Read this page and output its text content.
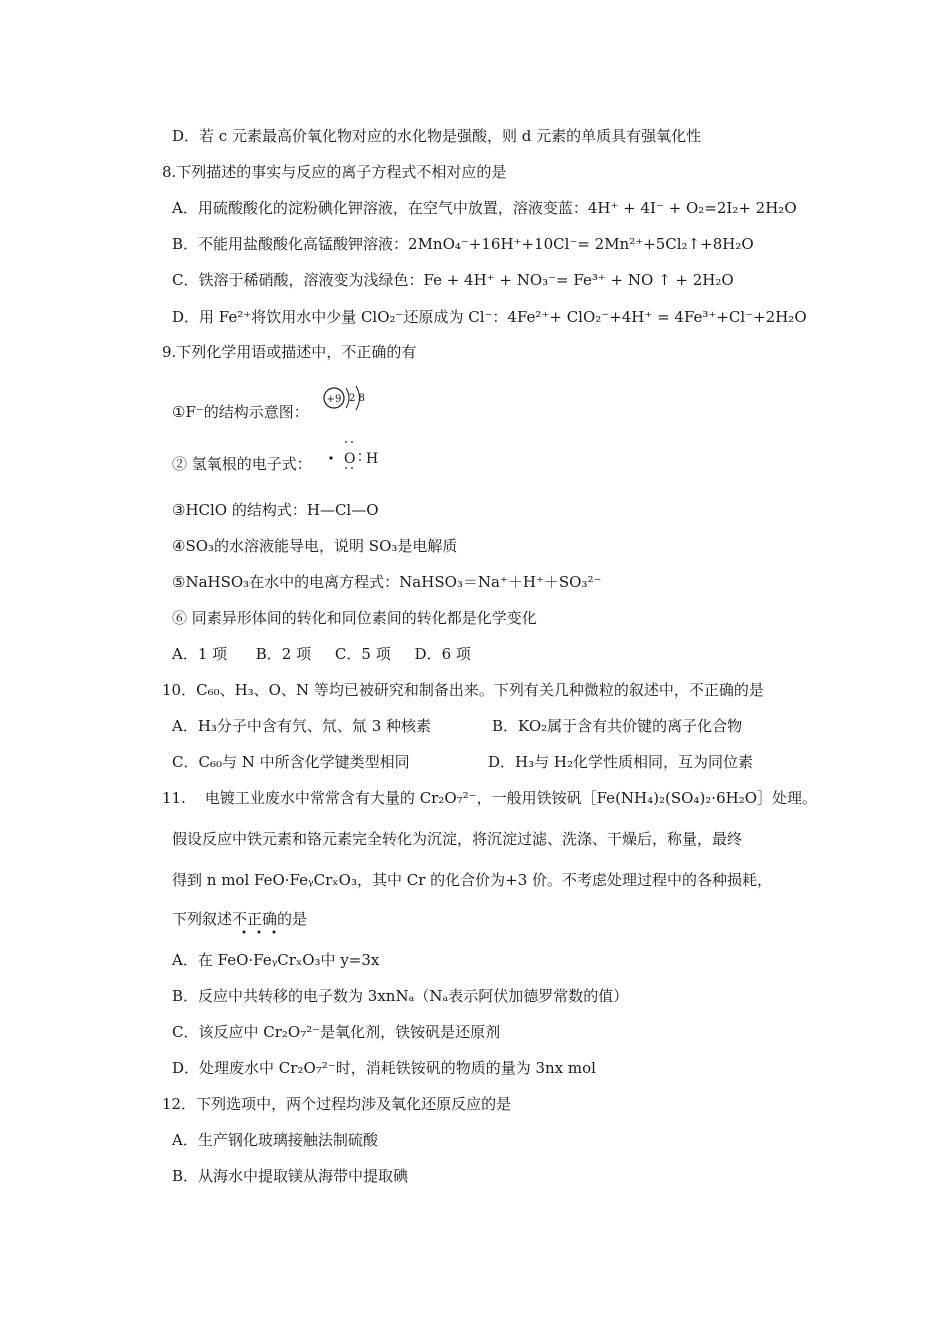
D．若 c 元素最高价氧化物对应的水化物是强酸，则 d 元素的单质具有强氧化性
8.下列描述的事实与反应的离子方程式不相对应的是
A．用硫酸酸化的淀粉碘化钾溶液，在空气中放置，溶液变蓝：4H⁺ + 4I⁻ + O₂=2I₂+ 2H₂O
B．不能用盐酸酸化高锰酸钾溶液：2MnO₄⁻+16H⁺+10Cl⁻= 2Mn²⁺+5Cl₂↑+8H₂O
C．铁溶于稀硝酸，溶液变为浅绿色：Fe + 4H⁺ + NO₃⁻= Fe³⁺ + NO ↑ + 2H₂O
D．用 Fe²⁺将饮用水中少量 ClO₂⁻还原成为 Cl⁻：4Fe²⁺+ ClO₂⁻+4H⁺ = 4Fe³⁺+Cl⁻+2H₂O
9.下列化学用语或描述中，不正确的有
①F⁻的结构示意图：
+9 2 8
② 氢氧根的电子式： O H
③HClO 的结构式：H—Cl—O
④SO₃的水溶液能导电，说明 SO₃是电解质
⑤NaHSO₃在水中的电离方程式：NaHSO₃＝Na⁺＋H⁺＋SO₃²⁻
⑥ 同素异形体间的转化和同位素间的转化都是化学变化
A．1 项      B．2 项     C．5 项     D．6 项
10．C₆₀、H₃、O、N 等均已被研究和制备出来。下列有关几种微粒的叙述中，不正确的是
A．H₃分子中含有氕、氘、氚 3 种核素	B．KO₂属于含有共价键的离子化合物
C．C₆₀与 N 中所含化学键类型相同	D．H₃与 H₂化学性质相同，互为同位素
11.    电镀工业废水中常常含有大量的 Cr₂O₇²⁻，一般用铁铵矾［Fe(NH₄)₂(SO₄)₂·6H₂O］处理。
假设反应中铁元素和铬元素完全转化为沉淀，将沉淀过滤、洗涤、干燥后，称量，最终
得到 n mol FeO·FeᵧCrₓO₃，其中 Cr 的化合价为+3 价。不考虑处理过程中的各种损耗，
下列叙述不正确的是
A．在 FeO·FeᵧCrₓO₃中 y=3x
B．反应中共转移的电子数为 3xnNₐ（Nₐ表示阿伏加德罗常数的值）
C．该反应中 Cr₂O₇²⁻是氧化剂，铁铵矾是还原剂
D．处理废水中 Cr₂O₇²⁻时，消耗铁铵矾的物质的量为 3nx mol
12．下列选项中，两个过程均涉及氧化还原反应的是
A．生产钢化玻璃接触法制硫酸
B．从海水中提取镁从海带中提取碘
